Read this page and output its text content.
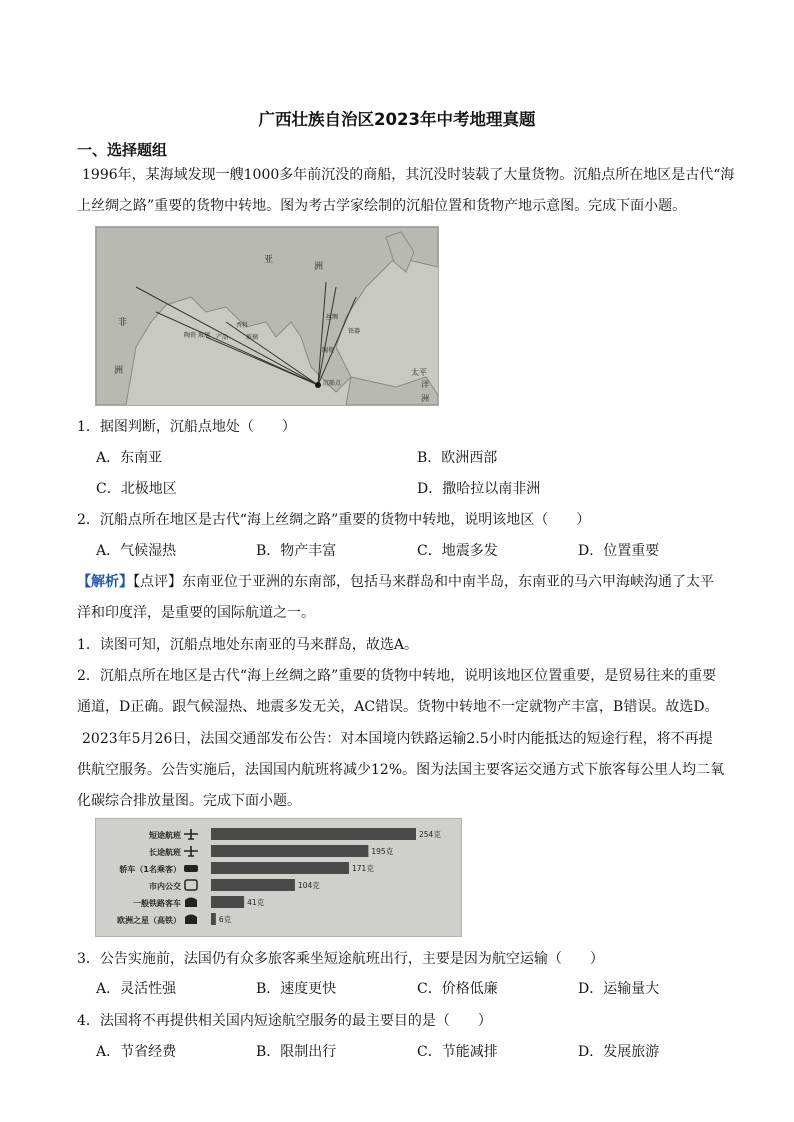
广西壮族自治区2023年中考地理真题
一、选择题组
1996年，某海域发现一艘1000多年前沉没的商船，其沉没时装载了大量货物。沉船点所在地区是古代“海
上丝绸之路”重要的货物中转地。图为考古学家绘制的沉船位置和货物产地示意图。完成下面小题。
亚
洲
非
洲
陶瓷 玻璃 产品
香料
玻璃
丝绸
铁器
陶瓷
沉船点
太平
洋
洲
1．据图判断，沉船点地处（　　）
A．东南亚	B．欧洲西部
C．北极地区	D．撒哈拉以南非洲
2．沉船点所在地区是古代“海上丝绸之路”重要的货物中转地，说明该地区（　　）
A．气候湿热	B．物产丰富	C．地震多发	D．位置重要
【解析】【点评】东南亚位于亚洲的东南部，包括马来群岛和中南半岛，东南亚的马六甲海峡沟通了太平
洋和印度洋，是重要的国际航道之一。
1．读图可知，沉船点地处东南亚的马来群岛，故选A。
2．沉船点所在地区是古代“海上丝绸之路”重要的货物中转地，说明该地区位置重要，是贸易往来的重要
通道，D正确。跟气候湿热、地震多发无关，AC错误。货物中转地不一定就物产丰富，B错误。故选D。
2023年5月26日，法国交通部发布公告：对本国境内铁路运输2.5小时内能抵达的短途行程，将不再提
供航空服务。公告实施后，法国国内航班将减少12%。图为法国主要客运交通方式下旅客每公里人均二氧
化碳综合排放量图。完成下面小题。
短途航班	254克
长途航班	195克
轿车（1名乘客）	171克
市内公交	104克
一般铁路客车	41克
欧洲之星（高铁）	6克
3．公告实施前，法国仍有众多旅客乘坐短途航班出行，主要是因为航空运输（　　）
A．灵活性强	B．速度更快	C．价格低廉	D．运输量大
4．法国将不再提供相关国内短途航空服务的最主要目的是（　　）
A．节省经费	B．限制出行	C．节能减排	D．发展旅游
